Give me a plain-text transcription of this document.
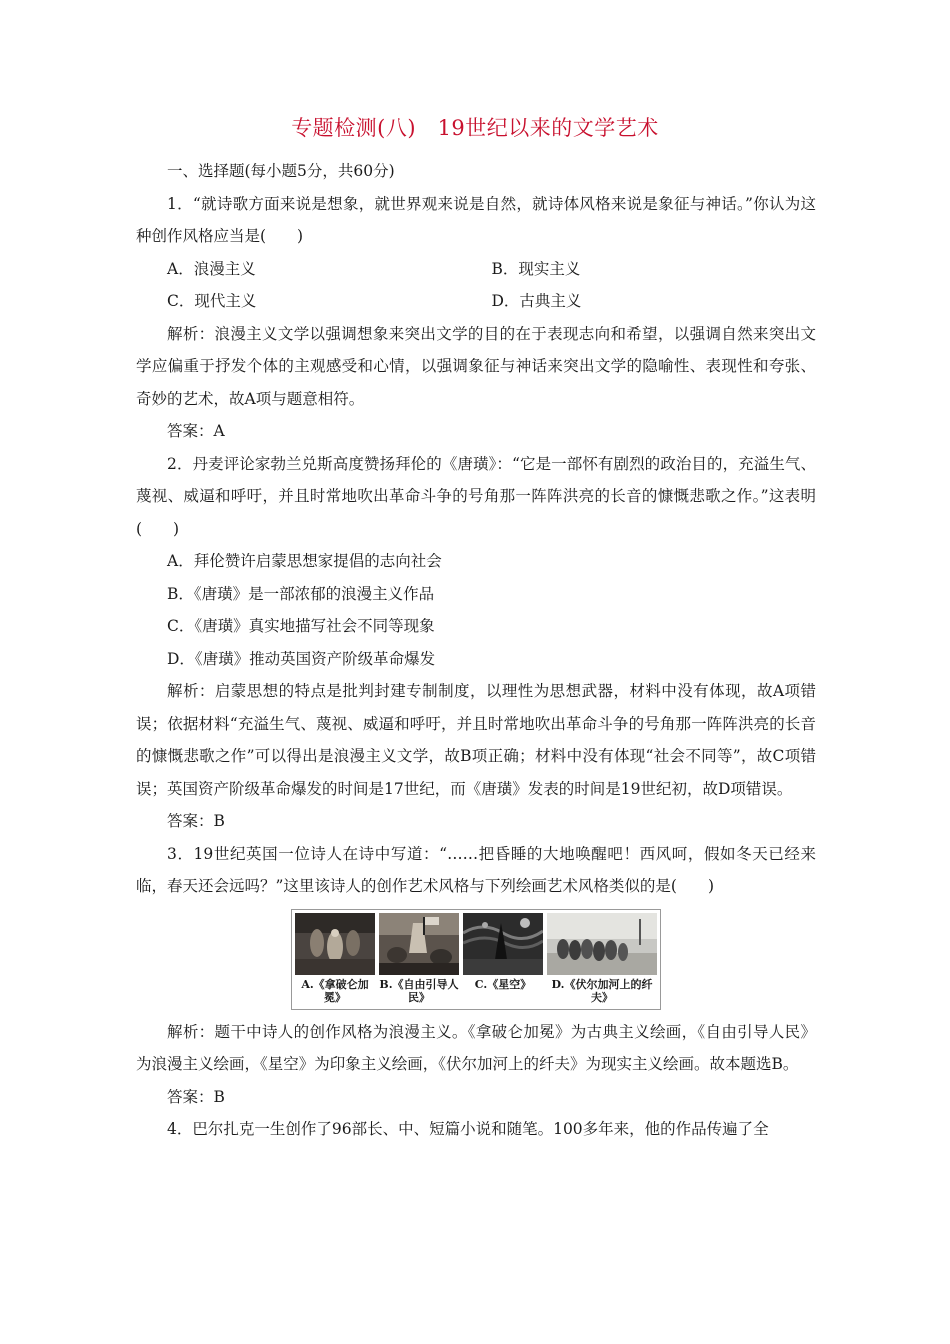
专题检测(八)　19世纪以来的文学艺术
一、选择题(每小题5分，共60分)
1．“就诗歌方面来说是想象，就世界观来说是自然，就诗体风格来说是象征与神话。”你认为这种创作风格应当是(　　)
A．浪漫主义	B．现实主义
C．现代主义	D．古典主义
解析：浪漫主义文学以强调想象来突出文学的目的在于表现志向和希望，以强调自然来突出文学应偏重于抒发个体的主观感受和心情，以强调象征与神话来突出文学的隐喻性、表现性和夸张、奇妙的艺术，故A项与题意相符。
答案：A
2．丹麦评论家勃兰兑斯高度赞扬拜伦的《唐璜》：“它是一部怀有剧烈的政治目的，充溢生气、蔑视、威逼和呼吁，并且时常地吹出革命斗争的号角那一阵阵洪亮的长音的慷慨悲歌之作。”这表明(　　)
A．拜伦赞许启蒙思想家提倡的志向社会
B．《唐璜》是一部浓郁的浪漫主义作品
C．《唐璜》真实地描写社会不同等现象
D．《唐璜》推动英国资产阶级革命爆发
解析：启蒙思想的特点是批判封建专制制度，以理性为思想武器，材料中没有体现，故A项错误；依据材料“充溢生气、蔑视、威逼和呼吁，并且时常地吹出革命斗争的号角那一阵阵洪亮的长音的慷慨悲歌之作”可以得出是浪漫主义文学，故B项正确；材料中没有体现“社会不同等”，故C项错误；英国资产阶级革命爆发的时间是17世纪，而《唐璜》发表的时间是19世纪初，故D项错误。
答案：B
3．19世纪英国一位诗人在诗中写道：“……把昏睡的大地唤醒吧！西风呵，假如冬天已经来临，春天还会远吗？”这里该诗人的创作艺术风格与下列绘画艺术风格类似的是(　　)
A.《拿破仑加冕》
B.《自由引导人民》
C.《星空》	D.《伏尔加河上的纤夫》
解析：题干中诗人的创作风格为浪漫主义。《拿破仑加冕》为古典主义绘画，《自由引导人民》为浪漫主义绘画，《星空》为印象主义绘画，《伏尔加河上的纤夫》为现实主义绘画。故本题选B。
答案：B
4．巴尔扎克一生创作了96部长、中、短篇小说和随笔。100多年来，他的作品传遍了全
